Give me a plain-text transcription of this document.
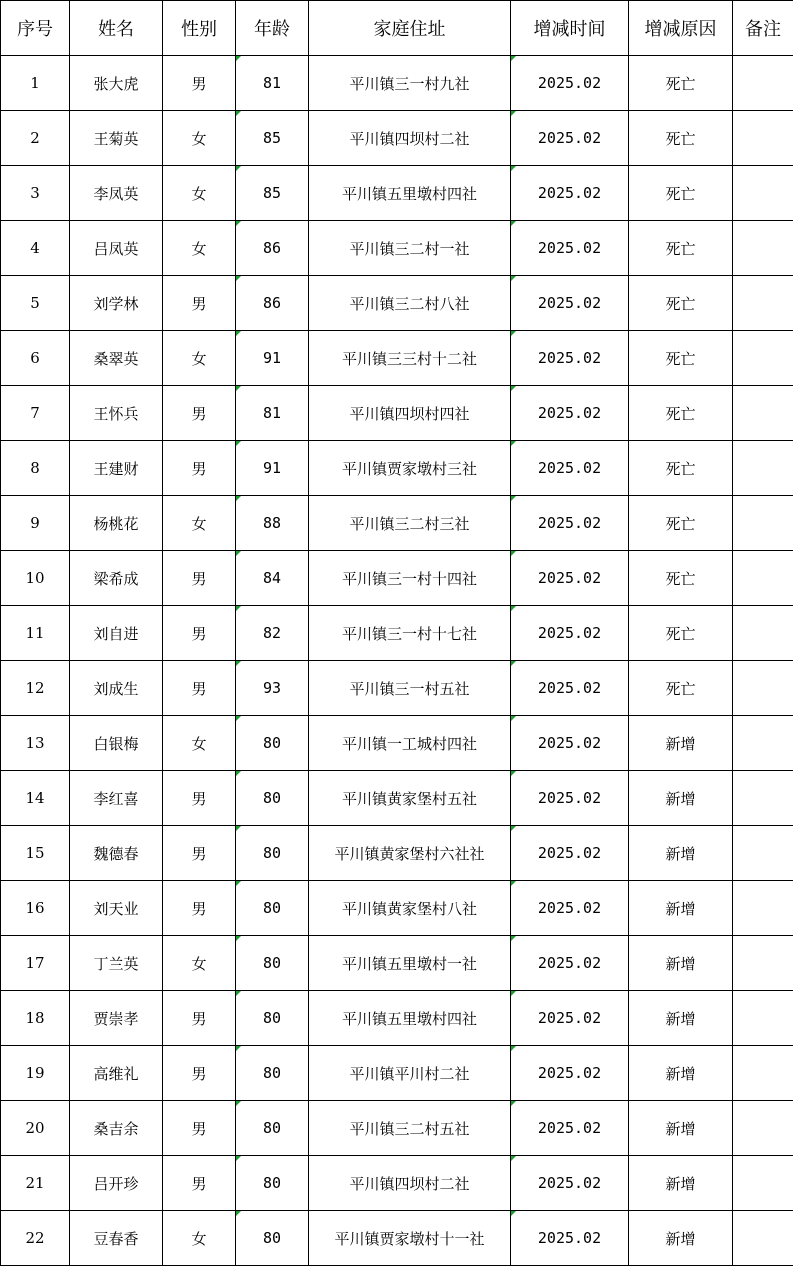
序号	姓名	性别	年龄	家庭住址	增减时间	增减原因	备注
1	张大虎	男	81	平川镇三一村九社	2025.02	死亡	
2	王菊英	女	85	平川镇四坝村二社	2025.02	死亡	
3	李凤英	女	85	平川镇五里墩村四社	2025.02	死亡	
4	吕凤英	女	86	平川镇三二村一社	2025.02	死亡	
5	刘学林	男	86	平川镇三二村八社	2025.02	死亡	
6	桑翠英	女	91	平川镇三三村十二社	2025.02	死亡	
7	王怀兵	男	81	平川镇四坝村四社	2025.02	死亡	
8	王建财	男	91	平川镇贾家墩村三社	2025.02	死亡	
9	杨桃花	女	88	平川镇三二村三社	2025.02	死亡	
10	梁希成	男	84	平川镇三一村十四社	2025.02	死亡	
11	刘自进	男	82	平川镇三一村十七社	2025.02	死亡	
12	刘成生	男	93	平川镇三一村五社	2025.02	死亡	
13	白银梅	女	80	平川镇一工城村四社	2025.02	新增	
14	李红喜	男	80	平川镇黄家堡村五社	2025.02	新增	
15	魏德春	男	80	平川镇黄家堡村六社社	2025.02	新增	
16	刘天业	男	80	平川镇黄家堡村八社	2025.02	新增	
17	丁兰英	女	80	平川镇五里墩村一社	2025.02	新增	
18	贾崇孝	男	80	平川镇五里墩村四社	2025.02	新增	
19	高维礼	男	80	平川镇平川村二社	2025.02	新增	
20	桑吉余	男	80	平川镇三二村五社	2025.02	新增	
21	吕开珍	男	80	平川镇四坝村二社	2025.02	新增	
22	豆春香	女	80	平川镇贾家墩村十一社	2025.02	新增	
